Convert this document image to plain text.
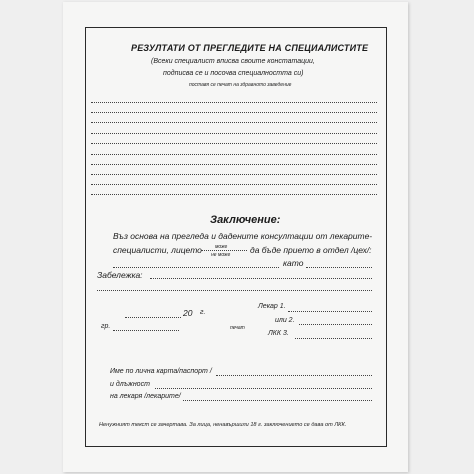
РЕЗУЛТАТИ ОТ ПРЕГЛЕДИТЕ НА СПЕЦИАЛИСТИТЕ
(Всеки специалист вписва своите констатации,
подписва се и посочва специалността си)
поставя се печат на здравното заведение
Заключение:
Въз основа на прегледа и дадените консултации от лекарите-
специалисти, лицето	може
не може да бъде прието в отдел /цех/:
като
Забележка:
20 г.
гр.	печат
Лекар 1.
или 2.
ЛКК 3.
Име по лична карта/паспорт /
и длъжност
на лекаря /лекарите/
Ненужният текст се зачертава. За лица, ненавършили 18 г. заключението се дава от ЛКК.
